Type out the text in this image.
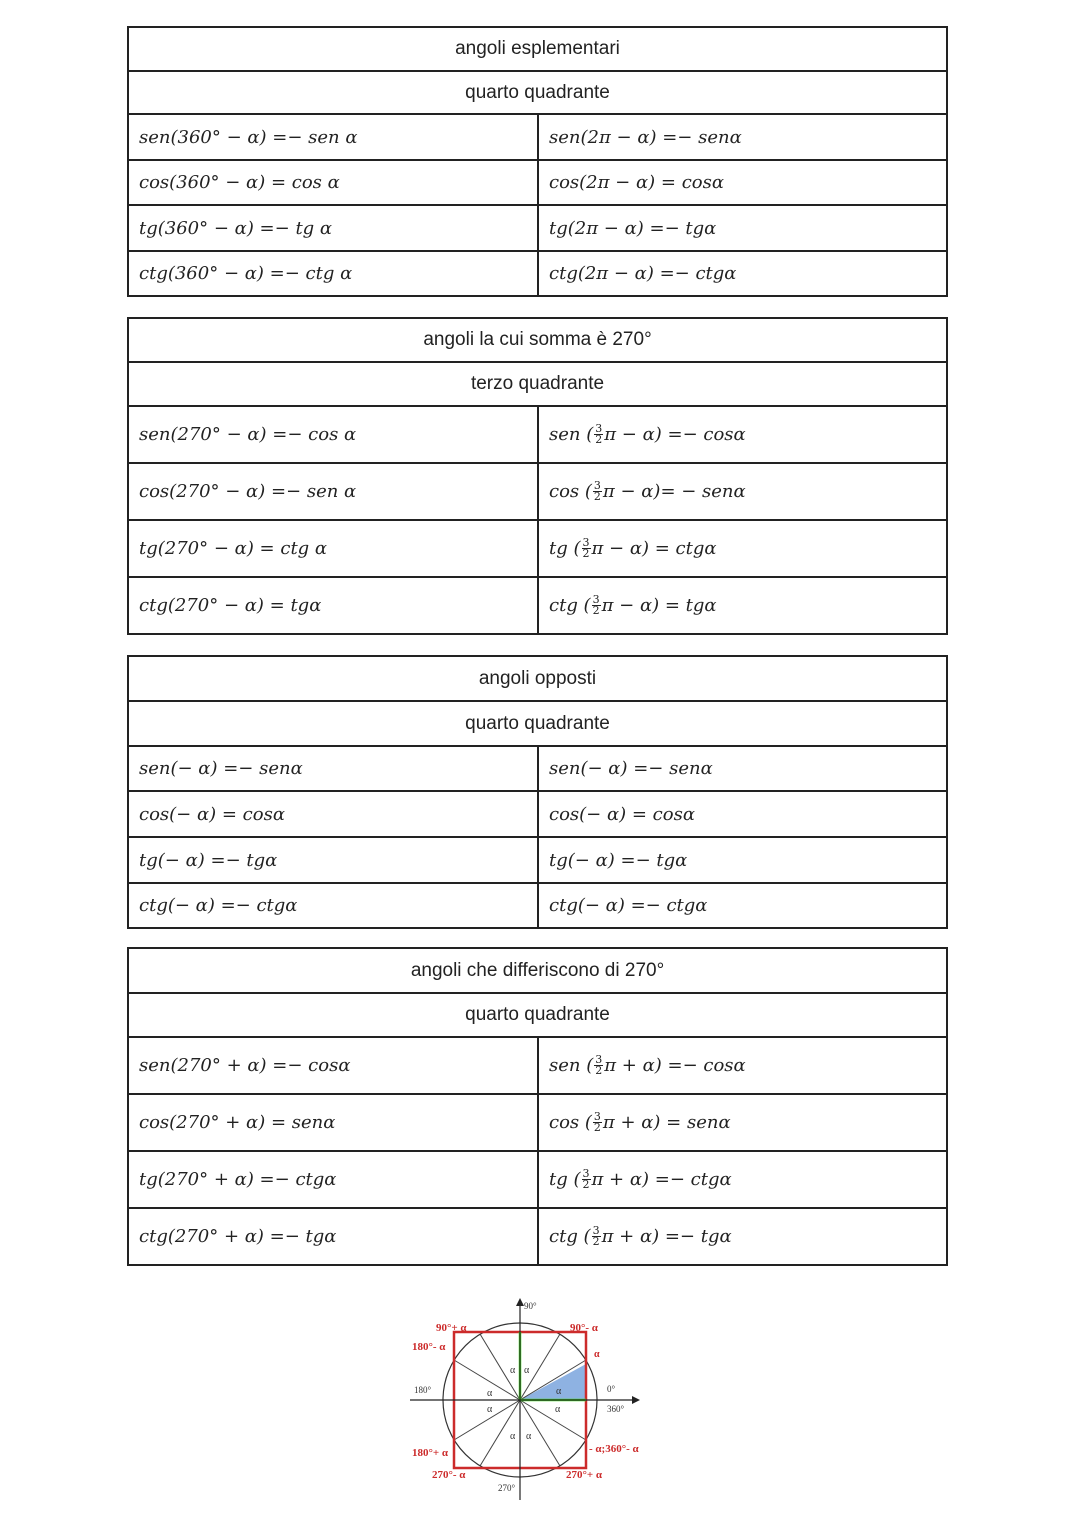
angoli esplementari
quarto quadrante
sen(360° − α) =− sen α	sen(2π − α) =− senα
cos(360° − α) = cos α	cos(2π − α) = cosα
tg(360° − α) =− tg α	tg(2π − α) =− tgα
ctg(360° − α) =− ctg α	ctg(2π − α) =− ctgα
angoli la cui somma è 270°
terzo quadrante
sen(270° − α) =− cos α	sen ( $\frac{3}{2}$ π − α) =− cosα
cos(270° − α) =− sen α	cos ( $\frac{3}{2}$ π − α)= − senα
tg(270° − α) = ctg α	tg ( $\frac{3}{2}$ π − α) = ctgα
ctg(270° − α) = tgα	ctg ( $\frac{3}{2}$ π − α) = tgα
angoli opposti
quarto quadrante
sen(− α) =− senα	sen(− α) =− senα
cos(− α) = cosα	cos(− α) = cosα
tg(− α) =− tgα	tg(− α) =− tgα
ctg(− α) =− ctgα	ctg(− α) =− ctgα
angoli che differiscono di 270°
quarto quadrante
sen(270° + α) =− cosα	sen ( $\frac{3}{2}$ π + α) =− cosα
cos(270° + α) = senα	cos ( $\frac{3}{2}$ π + α) = senα
tg(270° + α) =− ctgα	tg ( $\frac{3}{2}$ π + α) =− ctgα
ctg(270° + α) =− tgα	ctg ( $\frac{3}{2}$ π + α) =− tgα
90°
90°+ α	90°- α
180°- α
α
180°	0°
360°
180°+ α	- α;360°- α
270°- α	270°+ α
270°
α α
α	α
α	α
α α
